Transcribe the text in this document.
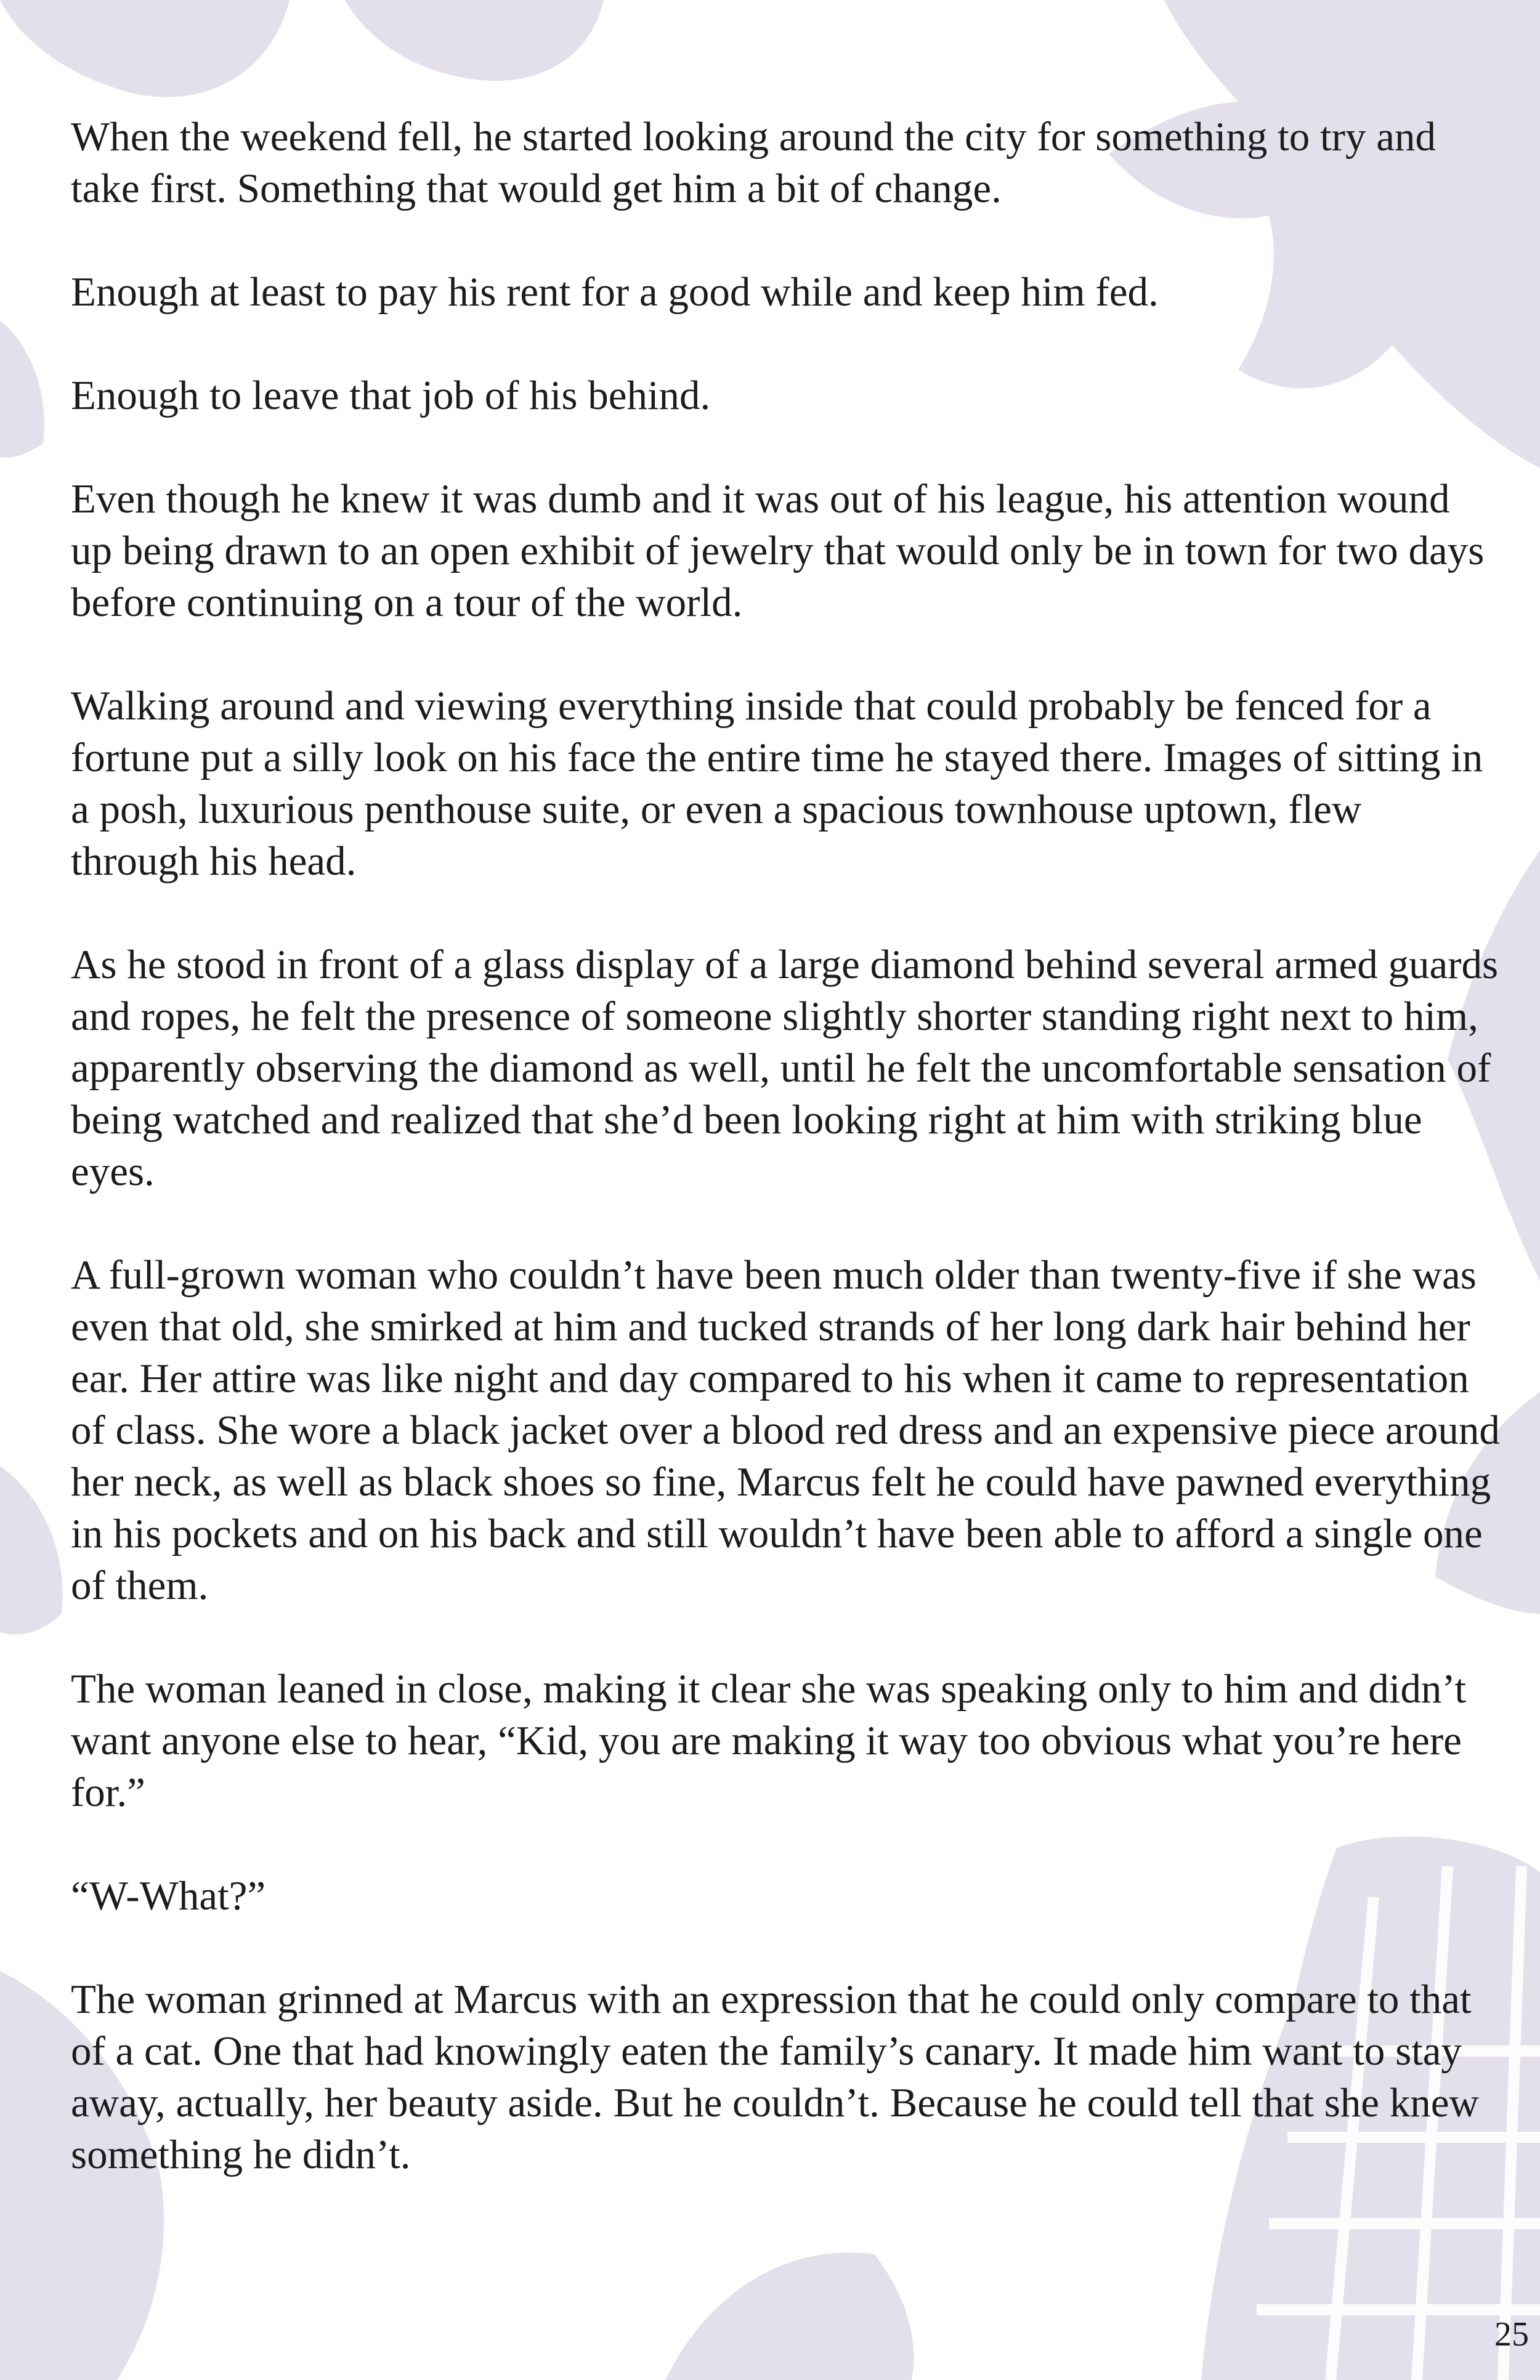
When the weekend fell, he started looking around the city for something to try and take first. Something that would get him a bit of change.

Enough at least to pay his rent for a good while and keep him fed.

Enough to leave that job of his behind.

Even though he knew it was dumb and it was out of his league, his attention wound up being drawn to an open exhibit of jewelry that would only be in town for two days before continuing on a tour of the world.

Walking around and viewing everything inside that could probably be fenced for a fortune put a silly look on his face the entire time he stayed there. Images of sitting in a posh, luxurious penthouse suite, or even a spacious townhouse uptown, flew through his head.

As he stood in front of a glass display of a large diamond behind several armed guards and ropes, he felt the presence of someone slightly shorter standing right next to him, apparently observing the diamond as well, until he felt the uncomfortable sensation of being watched and realized that she’d been looking right at him with striking blue eyes.

A full-grown woman who couldn’t have been much older than twenty-five if she was even that old, she smirked at him and tucked strands of her long dark hair behind her ear. Her attire was like night and day compared to his when it came to representation of class. She wore a black jacket over a blood red dress and an expensive piece around her neck, as well as black shoes so fine, Marcus felt he could have pawned everything in his pockets and on his back and still wouldn’t have been able to afford a single one of them.

The woman leaned in close, making it clear she was speaking only to him and didn’t want anyone else to hear, “Kid, you are making it way too obvious what you’re here for.”

“W-What?”

The woman grinned at Marcus with an expression that he could only compare to that of a cat. One that had knowingly eaten the family’s canary. It made him want to stay away, actually, her beauty aside. But he couldn’t. Because he could tell that she knew something he didn’t.

25
